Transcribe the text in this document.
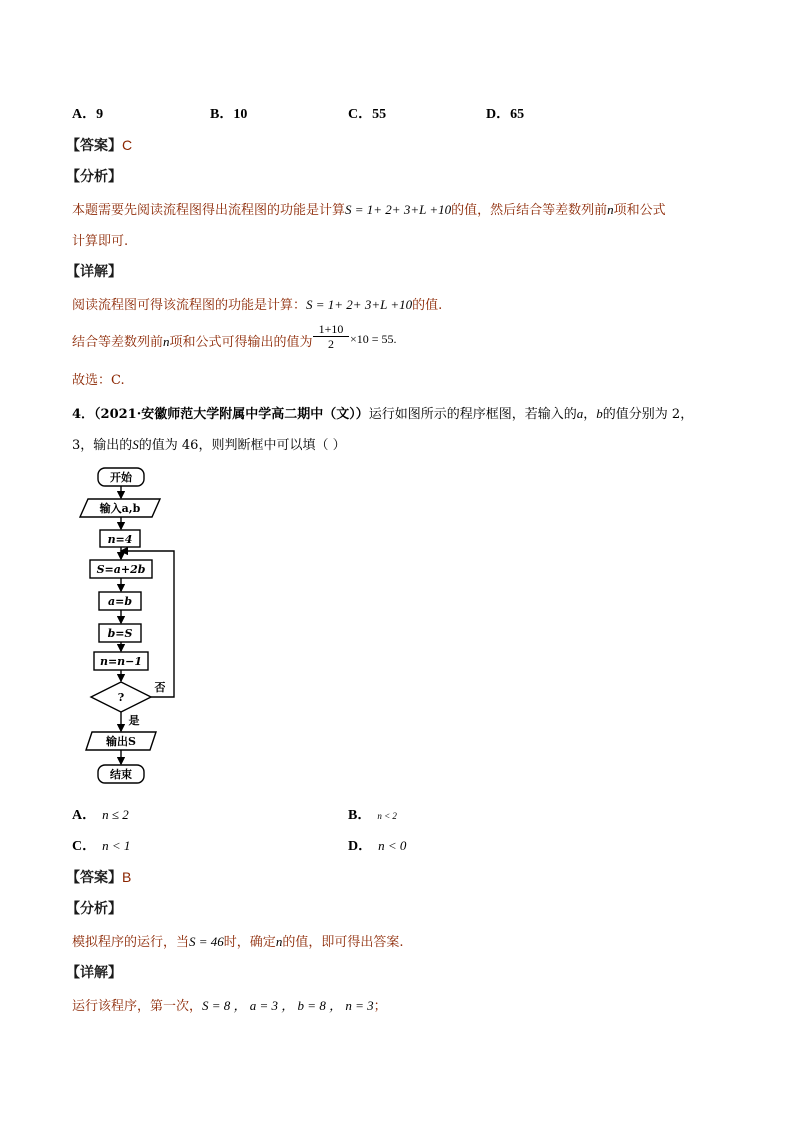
A．9	B．10	C．55	D．65
【答案】C
【分析】
本题需要先阅读流程图得出流程图的功能是计算S = 1+ 2+ 3+L +10的值，然后结合等差数列前n项和公式
计算即可.
【详解】
阅读流程图可得该流程图的功能是计算：S = 1+ 2+ 3+L +10的值.
结合等差数列前n项和公式可得输出的值为 $\frac{1+10}{2} \times 10 = 55$.
故选：C.
4．（2021·安徽师范大学附属中学高二期中（文））运行如图所示的程序框图，若输入的a，b的值分别为 2，
3，输出的S的值为 46，则判断框中可以填（ ）
开始
输入a,b
n=4
S=a+2b
a=b
b=S
n=n−1
?
否
是
输出S
结束
A． n ≤ 2	B． n < 2
C． n < 1	D． n < 0
【答案】B
【分析】
模拟程序的运行，当S = 46时，确定n的值，即可得出答案.
【详解】
运行该程序，第一次，S = 8 ， a = 3 ， b = 8 ， n = 3；
